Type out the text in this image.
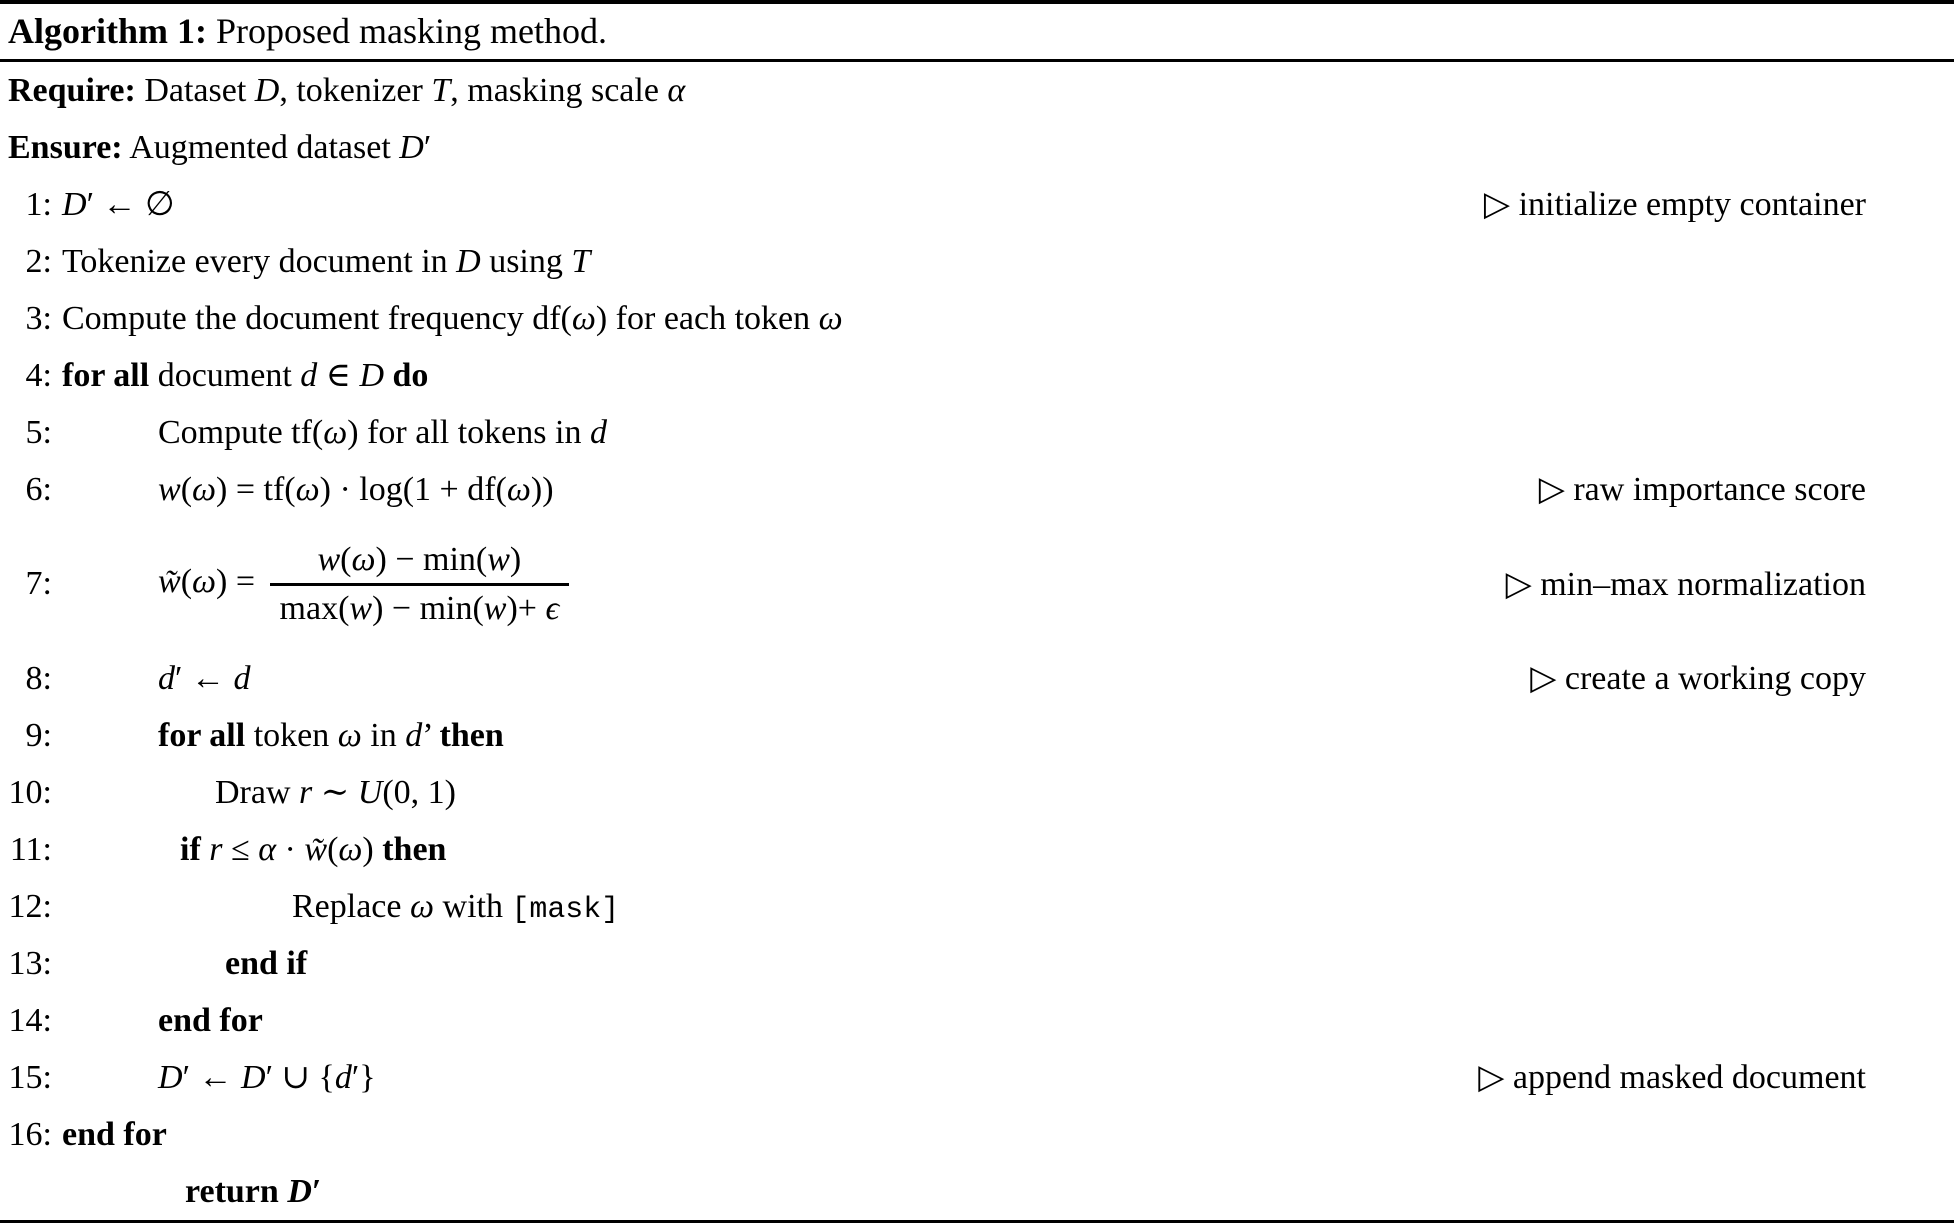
Algorithm 1: Proposed masking method.
Require: Dataset D, tokenizer T, masking scale α
Ensure: Augmented dataset D′
1: D′ ← ∅	▷ initialize empty container
2: Tokenize every document in D using T
3: Compute the document frequency df(ω) for each token ω
4: for all document d ∈ D do
5:	Compute tf(ω) for all tokens in d
6:	w(ω) = tf(ω) · log(1 + df(ω))	▷ raw importance score
7:	w̃(ω) = $\frac{w(\omega) - \min(w)}{\max(w) - \min(w)+ \epsilon}$	▷ min–max normalization
8:	d′ ← d	▷ create a working copy
9:	for all token ω in d’ then
10:	Draw r ∼ U(0, 1)
11:	if r ≤ α · w̃(ω) then
12:	Replace ω with [mask]
13:	end if
14:	end for
15:	D′ ← D′ ∪ {d′}	▷ append masked document
16: end for
return D′
